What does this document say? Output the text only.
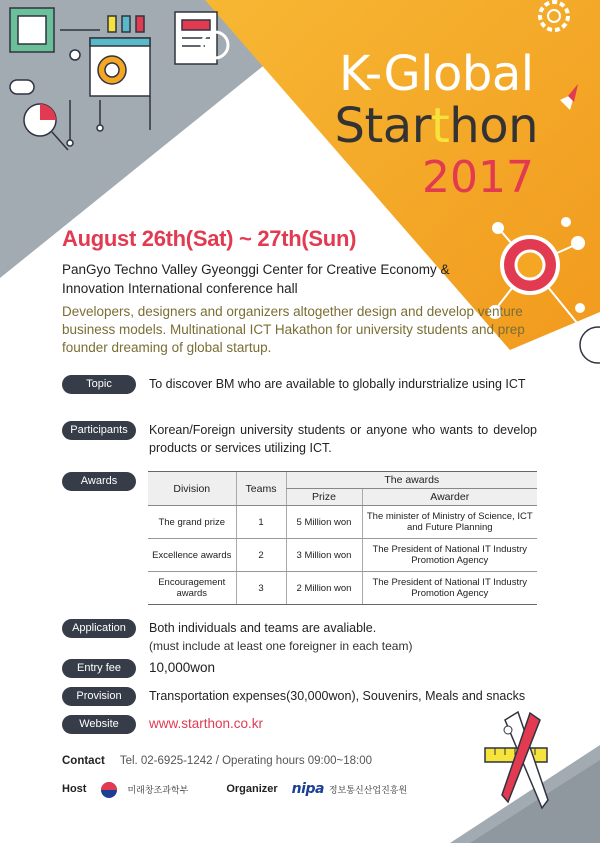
K-Global
Starthon
2017
August 26th(Sat) ~ 27th(Sun)
PanGyo Techno Valley Gyeonggi Center for Creative Economy & Innovation International conference hall
Developers, designers and organizers altogether design and develop venture business models. Multinational ICT Hakathon for university students and prep founder dreaming of global startup.
Topic	To discover BM who are available to globally indurstrialize using ICT
Participants	Korean/Foreign university students or anyone who wants to develop products or services utilizing ICT.
Awards
Division	Teams	The awards	
		Prize	Awarder
The grand prize	1	5 Million won	The minister of Ministry of Science, ICT and Future Planning
Excellence awards	2	3 Million won	The President of National IT Industry Promotion Agency
Encouragement awards	3	2 Million won	The President of National IT Industry Promotion Agency
Application	Both individuals and teams are avaliable.
(must include at least one foreigner in each team)
Entry fee	10,000won
Provision	Transportation expenses(30,000won), Souvenirs, Meals and snacks
Website	www.starthon.co.kr
Contact Tel. 02-6925-1242 / Operating hours 09:00~18:00
Host	미래창조과학부	Organizer nipa 정보통신산업진흥원
